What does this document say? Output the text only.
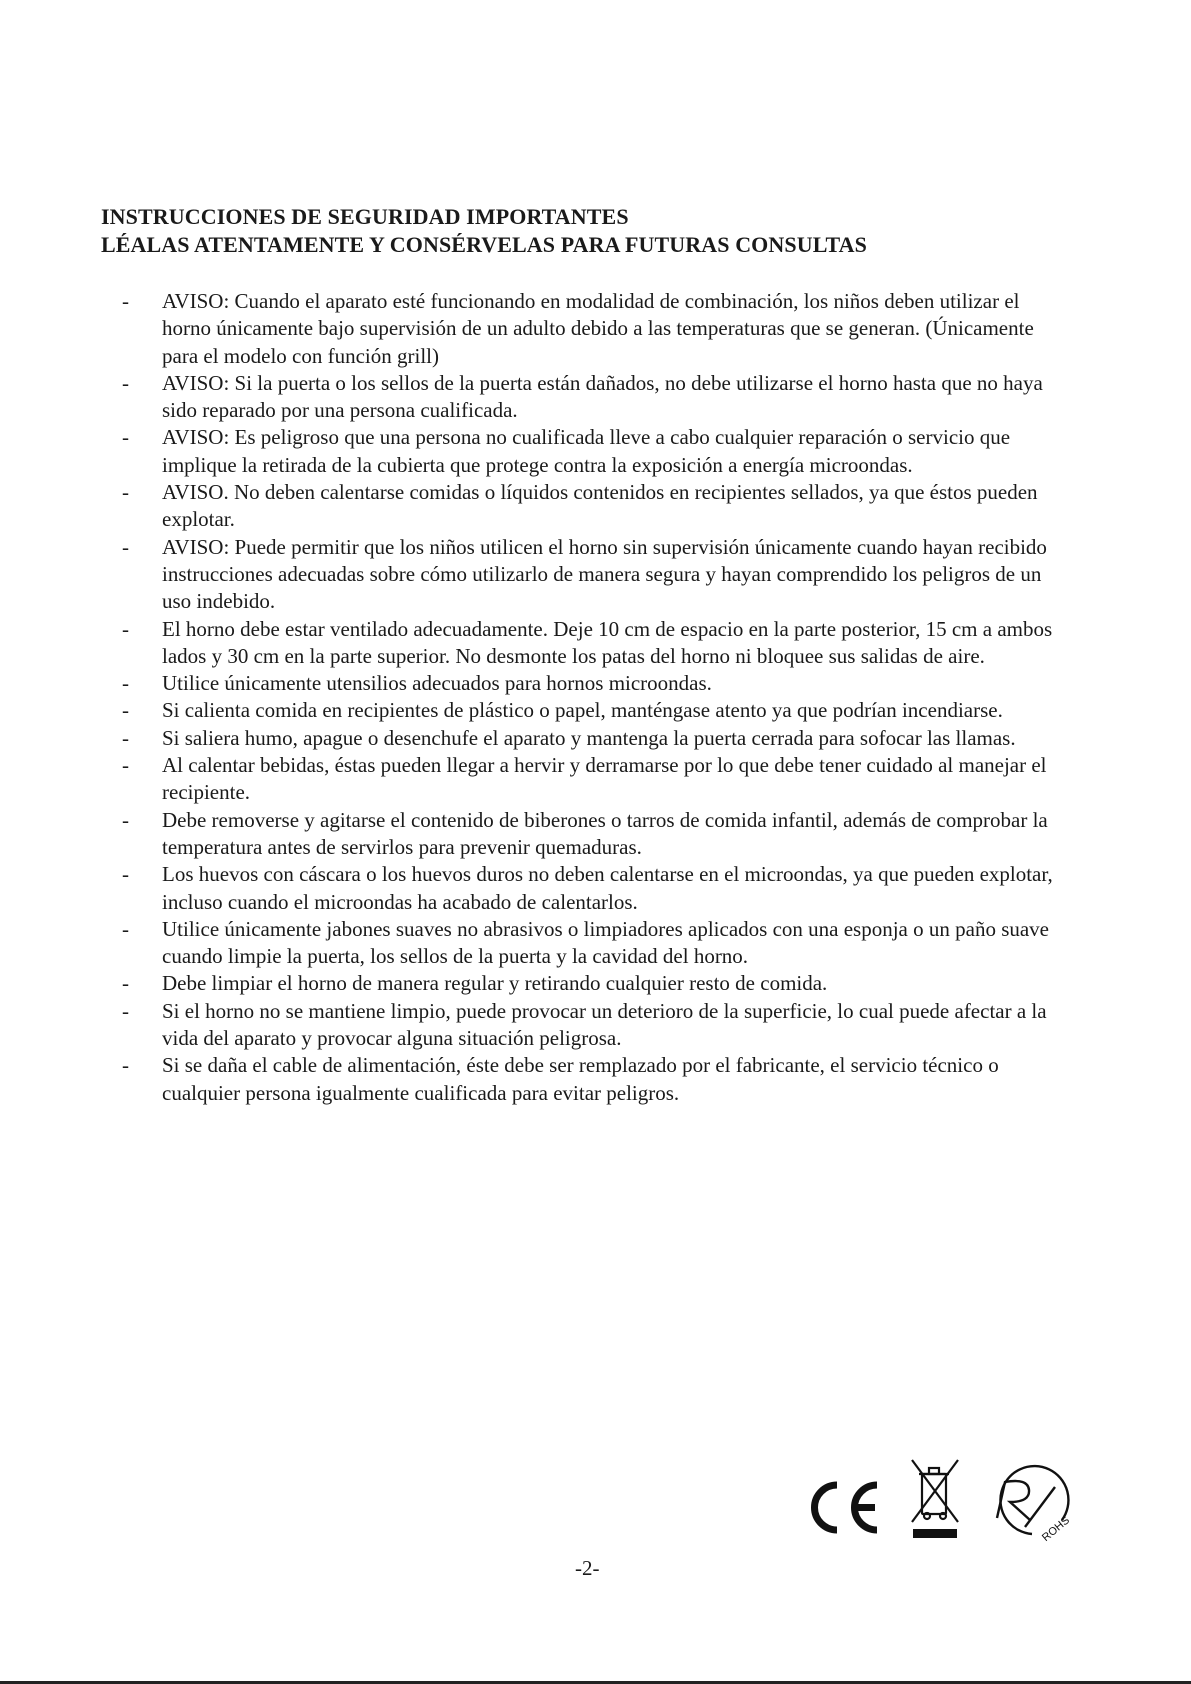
INSTRUCCIONES DE SEGURIDAD IMPORTANTES
LÉALAS ATENTAMENTE Y CONSÉRVELAS PARA FUTURAS CONSULTAS
- AVISO: Cuando el aparato esté funcionando en modalidad de combinación, los niños deben utilizar el horno únicamente bajo supervisión de un adulto debido a las temperaturas que se generan. (Únicamente para el modelo con función grill)
- AVISO: Si la puerta o los sellos de la puerta están dañados, no debe utilizarse el horno hasta que no haya sido reparado por una persona cualificada.
- AVISO: Es peligroso que una persona no cualificada lleve a cabo cualquier reparación o servicio que implique la retirada de la cubierta que protege contra la exposición a energía microondas.
- AVISO. No deben calentarse comidas o líquidos contenidos en recipientes sellados, ya que éstos pueden explotar.
- AVISO: Puede permitir que los niños utilicen el horno sin supervisión únicamente cuando hayan recibido instrucciones adecuadas sobre cómo utilizarlo de manera segura y hayan comprendido los peligros de un uso indebido.
- El horno debe estar ventilado adecuadamente. Deje 10 cm de espacio en la parte posterior, 15 cm a ambos lados y 30 cm en la parte superior. No desmonte los patas del horno ni bloquee sus salidas de aire.
- Utilice únicamente utensilios adecuados para hornos microondas.
- Si calienta comida en recipientes de plástico o papel, manténgase atento ya que podrían incendiarse.
- Si saliera humo, apague o desenchufe el aparato y mantenga la puerta cerrada para sofocar las llamas.
- Al calentar bebidas, éstas pueden llegar a hervir y derramarse por lo que debe tener cuidado al manejar el recipiente.
- Debe removerse y agitarse el contenido de biberones o tarros de comida infantil, además de comprobar la temperatura antes de servirlos para prevenir quemaduras.
- Los huevos con cáscara o los huevos duros no deben calentarse en el microondas, ya que pueden explotar, incluso cuando el microondas ha acabado de calentarlos.
- Utilice únicamente jabones suaves no abrasivos o limpiadores aplicados con una esponja o un paño suave cuando limpie la puerta, los sellos de la puerta y la cavidad del horno.
- Debe limpiar el horno de manera regular y retirando cualquier resto de comida.
- Si el horno no se mantiene limpio, puede provocar un deterioro de la superficie, lo cual puede afectar a la vida del aparato y provocar alguna situación peligrosa.
- Si se daña el cable de alimentación, éste debe ser remplazado por el fabricante, el servicio técnico o cualquier persona igualmente cualificada para evitar peligros.
ROHS
-2-
